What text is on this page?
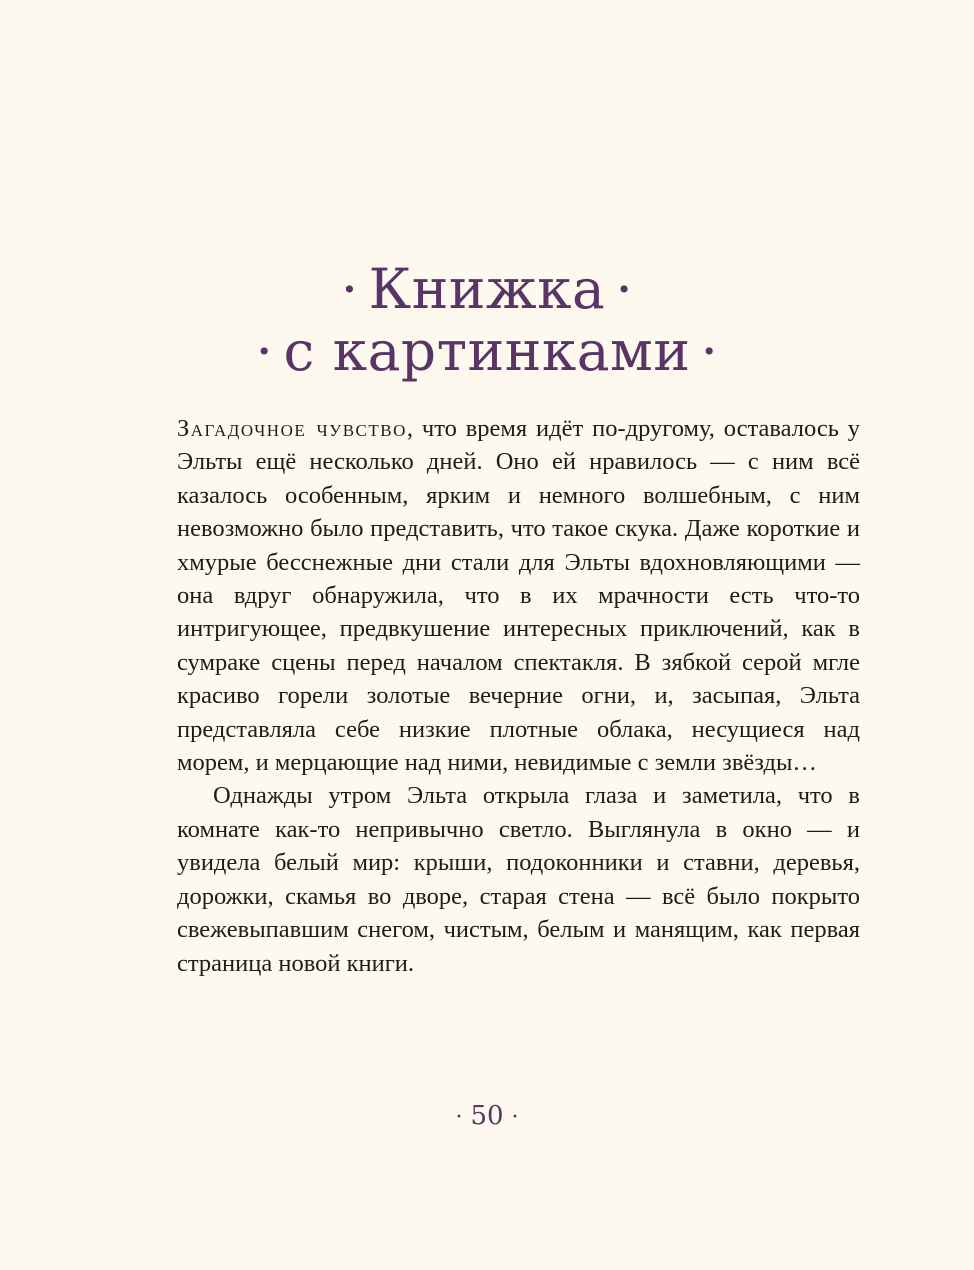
· Книжка ·
· с картинками ·

Загадочное чувство, что время идёт по-другому, оставалось у Эльты ещё несколько дней. Оно ей нравилось — с ним всё казалось особенным, ярким и немного волшебным, с ним невозможно было представить, что такое скука. Даже короткие и хмурые бесснежные дни стали для Эльты вдохновляющими — она вдруг обнаружила, что в их мрачности есть что-то интригующее, предвкушение интересных приключений, как в сумраке сцены перед началом спектакля. В зябкой серой мгле красиво горели золотые вечерние огни, и, засыпая, Эльта представляла себе низкие плотные облака, несущиеся над морем, и мерцающие над ними, невидимые с земли звёзды…

Однажды утром Эльта открыла глаза и заметила, что в комнате как-то непривычно светло. Выглянула в окно — и увидела белый мир: крыши, подоконники и ставни, деревья, дорожки, скамья во дворе, старая стена — всё было покрыто свежевыпавшим снегом, чистым, белым и манящим, как первая страница новой книги.

· 50 ·
